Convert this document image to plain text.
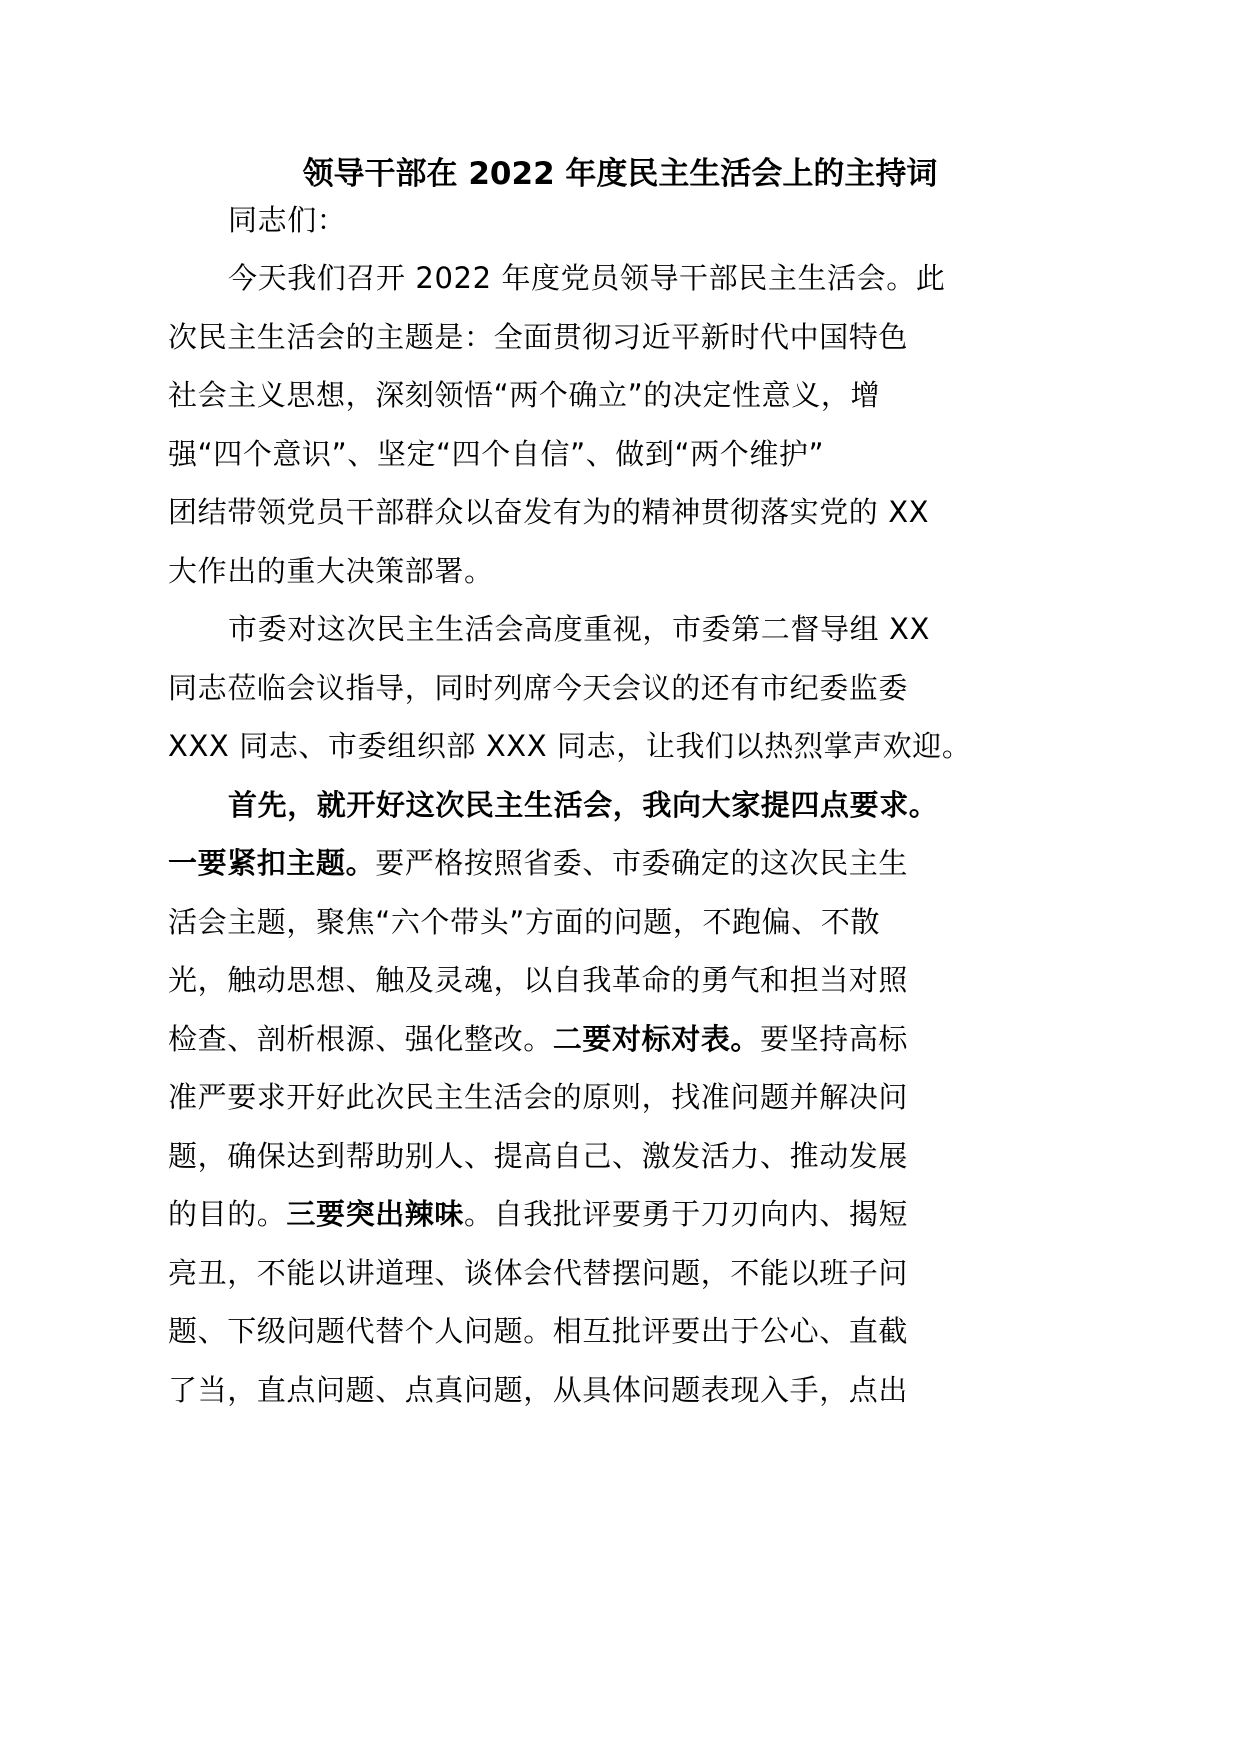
领导干部在 2022 年度民主生活会上的主持词
同志们：
今天我们召开 2022 年度党员领导干部民主生活会。此
次民主生活会的主题是：全面贯彻习近平新时代中国特色
社会主义思想，深刻领悟“两个确立”的决定性意义，增
强“四个意识”、坚定“四个自信”、做到“两个维护”
团结带领党员干部群众以奋发有为的精神贯彻落实党的 XX
大作出的重大决策部署。
市委对这次民主生活会高度重视，市委第二督导组 XX
同志莅临会议指导，同时列席今天会议的还有市纪委监委
XXX 同志、市委组织部 XXX 同志，让我们以热烈掌声欢迎。
首先，就开好这次民主生活会，我向大家提四点要求。
一要紧扣主题。要严格按照省委、市委确定的这次民主生
活会主题，聚焦“六个带头”方面的问题，不跑偏、不散
光，触动思想、触及灵魂，以自我革命的勇气和担当对照
检查、剖析根源、强化整改。二要对标对表。要坚持高标
准严要求开好此次民主生活会的原则，找准问题并解决问
题，确保达到帮助别人、提高自己、激发活力、推动发展
的目的。三要突出辣味。自我批评要勇于刀刃向内、揭短
亮丑，不能以讲道理、谈体会代替摆问题，不能以班子问
题、下级问题代替个人问题。相互批评要出于公心、直截
了当，直点问题、点真问题，从具体问题表现入手，点出
